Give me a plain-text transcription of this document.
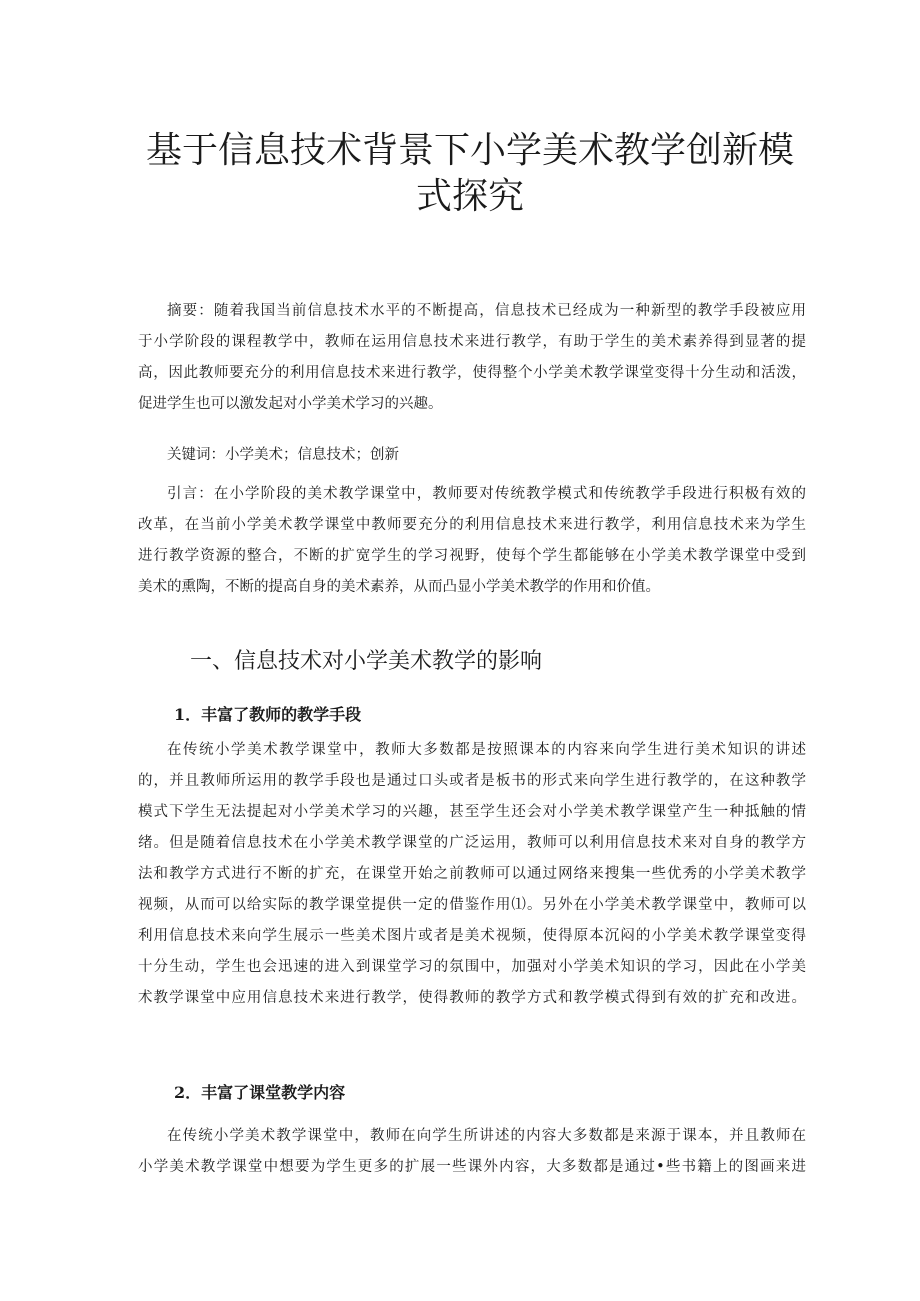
基于信息技术背景下小学美术教学创新模
式探究
摘要：随着我国当前信息技术水平的不断提高，信息技术已经成为一种新型的教学手段被应用
于小学阶段的课程教学中，教师在运用信息技术来进行教学，有助于学生的美术素养得到显著的提
高，因此教师要充分的利用信息技术来进行教学，使得整个小学美术教学课堂变得十分生动和活泼，
促进学生也可以激发起对小学美术学习的兴趣。

关键词：小学美术；信息技术；创新

引言：在小学阶段的美术教学课堂中，教师要对传统教学模式和传统教学手段进行积极有效的
改革，在当前小学美术教学课堂中教师要充分的利用信息技术来进行教学，利用信息技术来为学生
进行教学资源的整合，不断的扩宽学生的学习视野，使每个学生都能够在小学美术教学课堂中受到
美术的熏陶，不断的提高自身的美术素养，从而凸显小学美术教学的作用和价值。
一、信息技术对小学美术教学的影响
1．丰富了教师的教学手段
在传统小学美术教学课堂中，教师大多数都是按照课本的内容来向学生进行美术知识的讲述
的，并且教师所运用的教学手段也是通过口头或者是板书的形式来向学生进行教学的，在这种教学
模式下学生无法提起对小学美术学习的兴趣，甚至学生还会对小学美术教学课堂产生一种抵触的情
绪。但是随着信息技术在小学美术教学课堂的广泛运用，教师可以利用信息技术来对自身的教学方
法和教学方式进行不断的扩充，在课堂开始之前教师可以通过网络来搜集一些优秀的小学美术教学
视频，从而可以给实际的教学课堂提供一定的借鉴作用⑴。另外在小学美术教学课堂中，教师可以
利用信息技术来向学生展示一些美术图片或者是美术视频，使得原本沉闷的小学美术教学课堂变得
十分生动，学生也会迅速的进入到课堂学习的氛围中，加强对小学美术知识的学习，因此在小学美
术教学课堂中应用信息技术来进行教学，使得教师的教学方式和教学模式得到有效的扩充和改进。
2．丰富了课堂教学内容
在传统小学美术教学课堂中，教师在向学生所讲述的内容大多数都是来源于课本，并且教师在
小学美术教学课堂中想要为学生更多的扩展一些课外内容，大多数都是通过•些书籍上的图画来进
